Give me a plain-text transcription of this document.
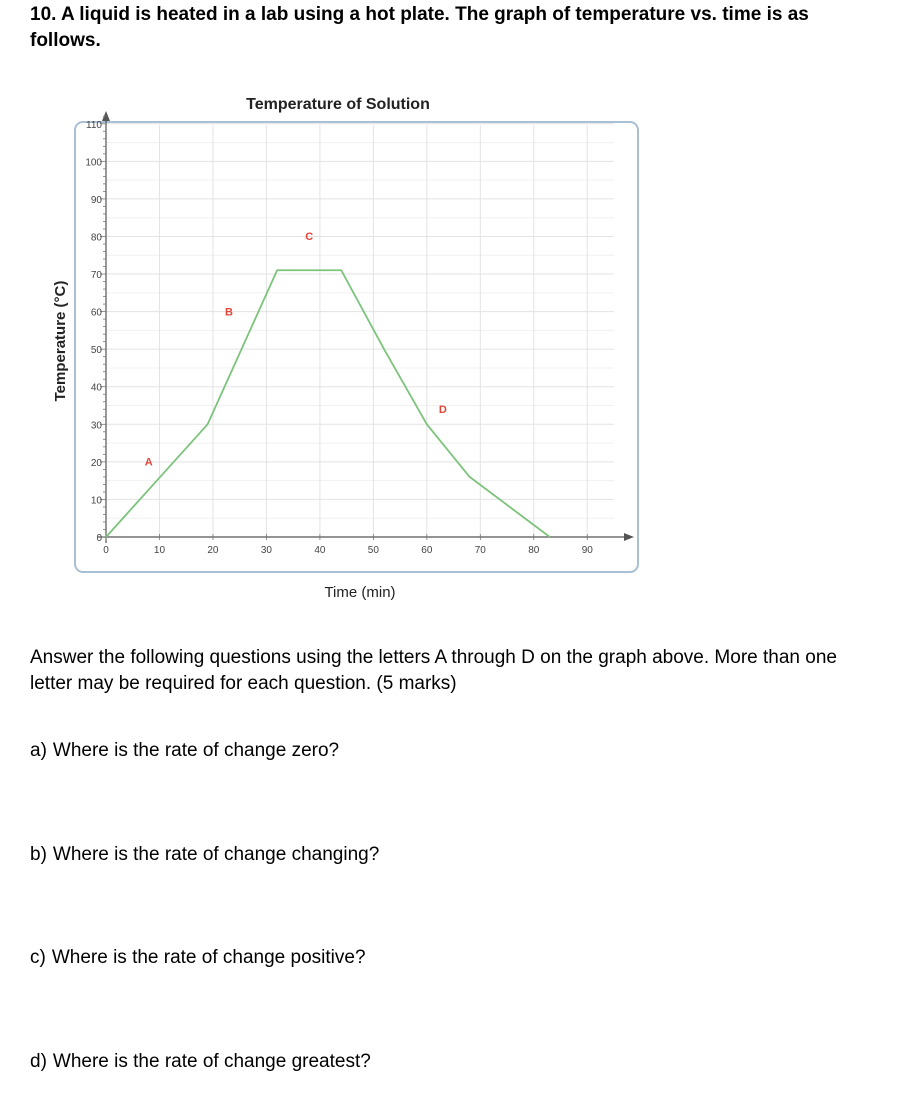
10. A liquid is heated in a lab using a hot plate. The graph of temperature vs. time is as follows.

Temperature of Solution
0
10
20
30
40
50
60
70
80
90
100
110
0	10	20	30	40	50	60	70	80	90
Time (min)
Temperature (°C)
A
B
C
D

Answer the following questions using the letters A through D on the graph above. More than one letter may be required for each question. (5 marks)

a) Where is the rate of change zero?

b) Where is the rate of change changing?

c) Where is the rate of change positive?

d) Where is the rate of change greatest?
